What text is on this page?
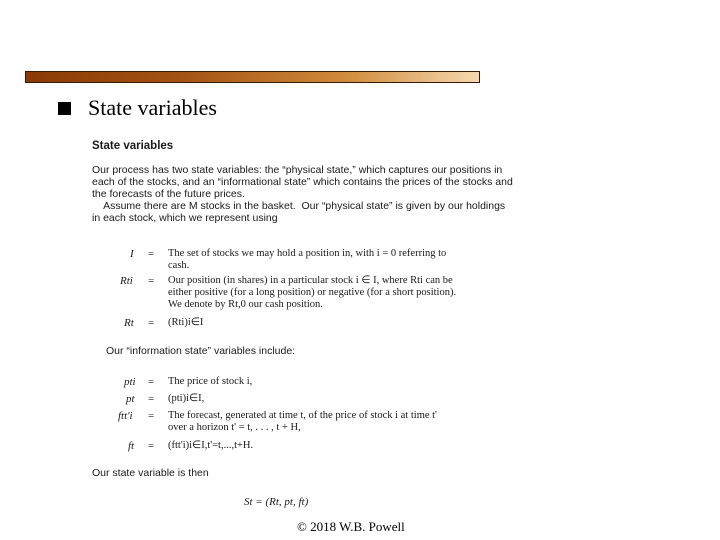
State variables
State variables
Our process has two state variables: the “physical state,” which captures our positions in
each of the stocks, and an “informational state” which contains the prices of the stocks and
the forecasts of the future prices.
Assume there are M stocks in the basket.  Our “physical state” is given by our holdings
in each stock, which we represent using
I = The set of stocks we may hold a position in, with i = 0 referring to
cash.
Rti = Our position (in shares) in a particular stock i ∈ I, where Rti can be
either positive (for a long position) or negative (for a short position).
We denote by Rt,0 our cash position.
Rt = (Rti)i∈I
Our “information state” variables include:
pti = The price of stock i,
pt = (pti)i∈I,
ftt'i = The forecast, generated at time t, of the price of stock i at time t'
over a horizon t' = t, . . . , t + H,
ft = (ftt'i)i∈I,t'=t,...,t+H.
Our state variable is then
St = (Rt, pt, ft)
© 2018 W.B. Powell
